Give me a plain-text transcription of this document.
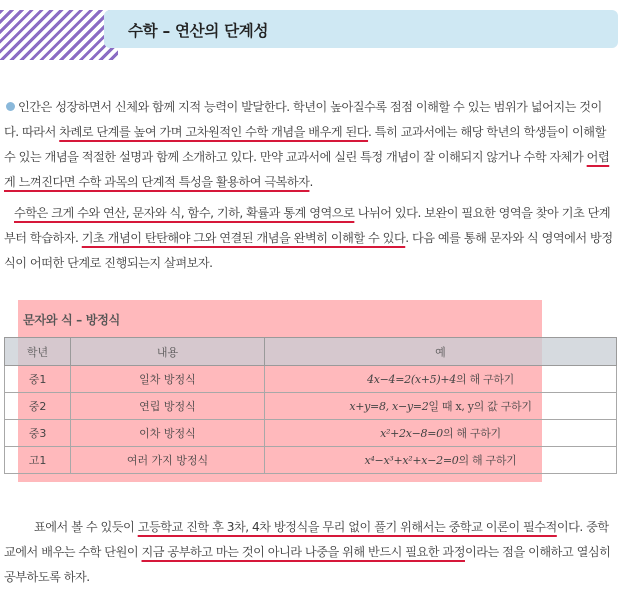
수학 – 연산의 단계성

인간은 성장하면서 신체와 함께 지적 능력이 발달한다. 학년이 높아질수록 점점 이해할 수 있는 범위가 넓어지는 것이다. 따라서 차례로 단계를 높여 가며 고차원적인 수학 개념을 배우게 된다. 특히 교과서에는 해당 학년의 학생들이 이해할 수 있는 개념을 적절한 설명과 함께 소개하고 있다. 만약 교과서에 실린 특정 개념이 잘 이해되지 않거나 수학 자체가 어렵게 느껴진다면 수학 과목의 단계적 특성을 활용하여 극복하자.

수학은 크게 수와 연산, 문자와 식, 함수, 기하, 확률과 통계 영역으로 나뉘어 있다. 보완이 필요한 영역을 찾아 기초 단계부터 학습하자. 기초 개념이 탄탄해야 그와 연결된 개념을 완벽히 이해할 수 있다. 다음 예를 통해 문자와 식 영역에서 방정식이 어떠한 단계로 진행되는지 살펴보자.

문자와 식 – 방정식
학년	내용	예
중1	일차 방정식	4x−4=2(x+5)+4의 해 구하기
중2	연립 방정식	x+y=8, x−y=2일 때 x, y의 값 구하기
중3	이차 방정식	x²+2x−8=0의 해 구하기
고1	여러 가지 방정식	x⁴−x³+x²+x−2=0의 해 구하기

표에서 볼 수 있듯이 고등학교 진학 후 3차, 4차 방정식을 무리 없이 풀기 위해서는 중학교 이론이 필수적이다. 중학교에서 배우는 수학 단원이 지금 공부하고 마는 것이 아니라 나중을 위해 반드시 필요한 과정이라는 점을 이해하고 열심히 공부하도록 하자.
